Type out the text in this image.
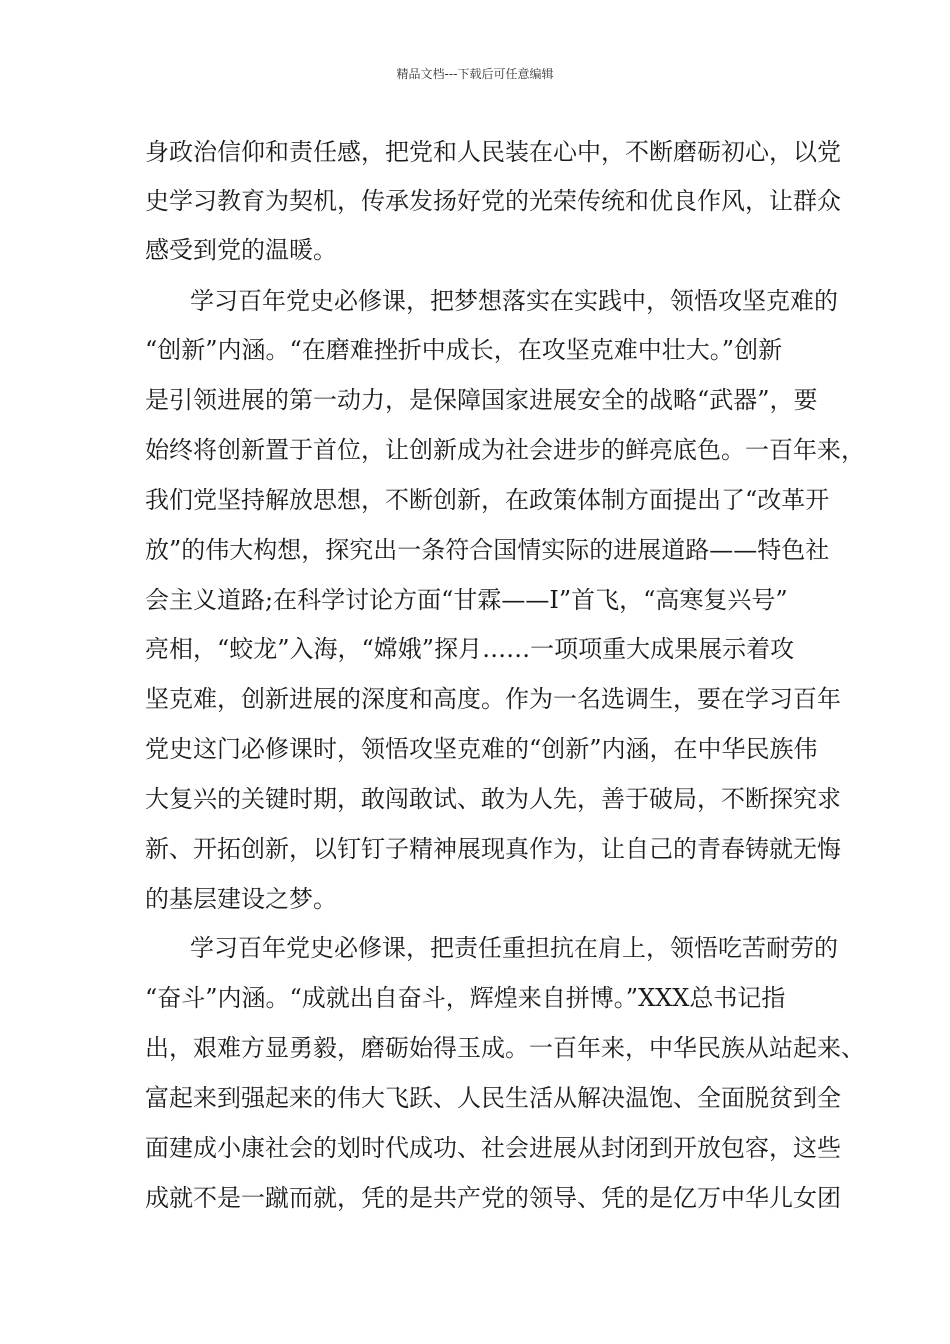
精品文档---下载后可任意编辑
身政治信仰和责任感，把党和人民装在心中，不断磨砺初心，以党
史学习教育为契机，传承发扬好党的光荣传统和优良作风，让群众
感受到党的温暖。
学习百年党史必修课，把梦想落实在实践中，领悟攻坚克难的
“创新”内涵。“在磨难挫折中成长，在攻坚克难中壮大。”创新
是引领进展的第一动力，是保障国家进展安全的战略“武器”，要
始终将创新置于首位，让创新成为社会进步的鲜亮底色。一百年来，
我们党坚持解放思想，不断创新，在政策体制方面提出了“改革开
放”的伟大构想，探究出一条符合国情实际的进展道路——特色社
会主义道路;在科学讨论方面“甘霖——I”首飞，“高寒复兴号”
亮相，“蛟龙”入海，“嫦娥”探月……一项项重大成果展示着攻
坚克难，创新进展的深度和高度。作为一名选调生，要在学习百年
党史这门必修课时，领悟攻坚克难的“创新”内涵，在中华民族伟
大复兴的关键时期，敢闯敢试、敢为人先，善于破局，不断探究求
新、开拓创新，以钉钉子精神展现真作为，让自己的青春铸就无悔
的基层建设之梦。
学习百年党史必修课，把责任重担抗在肩上，领悟吃苦耐劳的
“奋斗”内涵。“成就出自奋斗，辉煌来自拼博。”XXX总书记指
出，艰难方显勇毅，磨砺始得玉成。一百年来，中华民族从站起来、
富起来到强起来的伟大飞跃、人民生活从解决温饱、全面脱贫到全
面建成小康社会的划时代成功、社会进展从封闭到开放包容，这些
成就不是一蹴而就，凭的是共产党的领导、凭的是亿万中华儿女团
